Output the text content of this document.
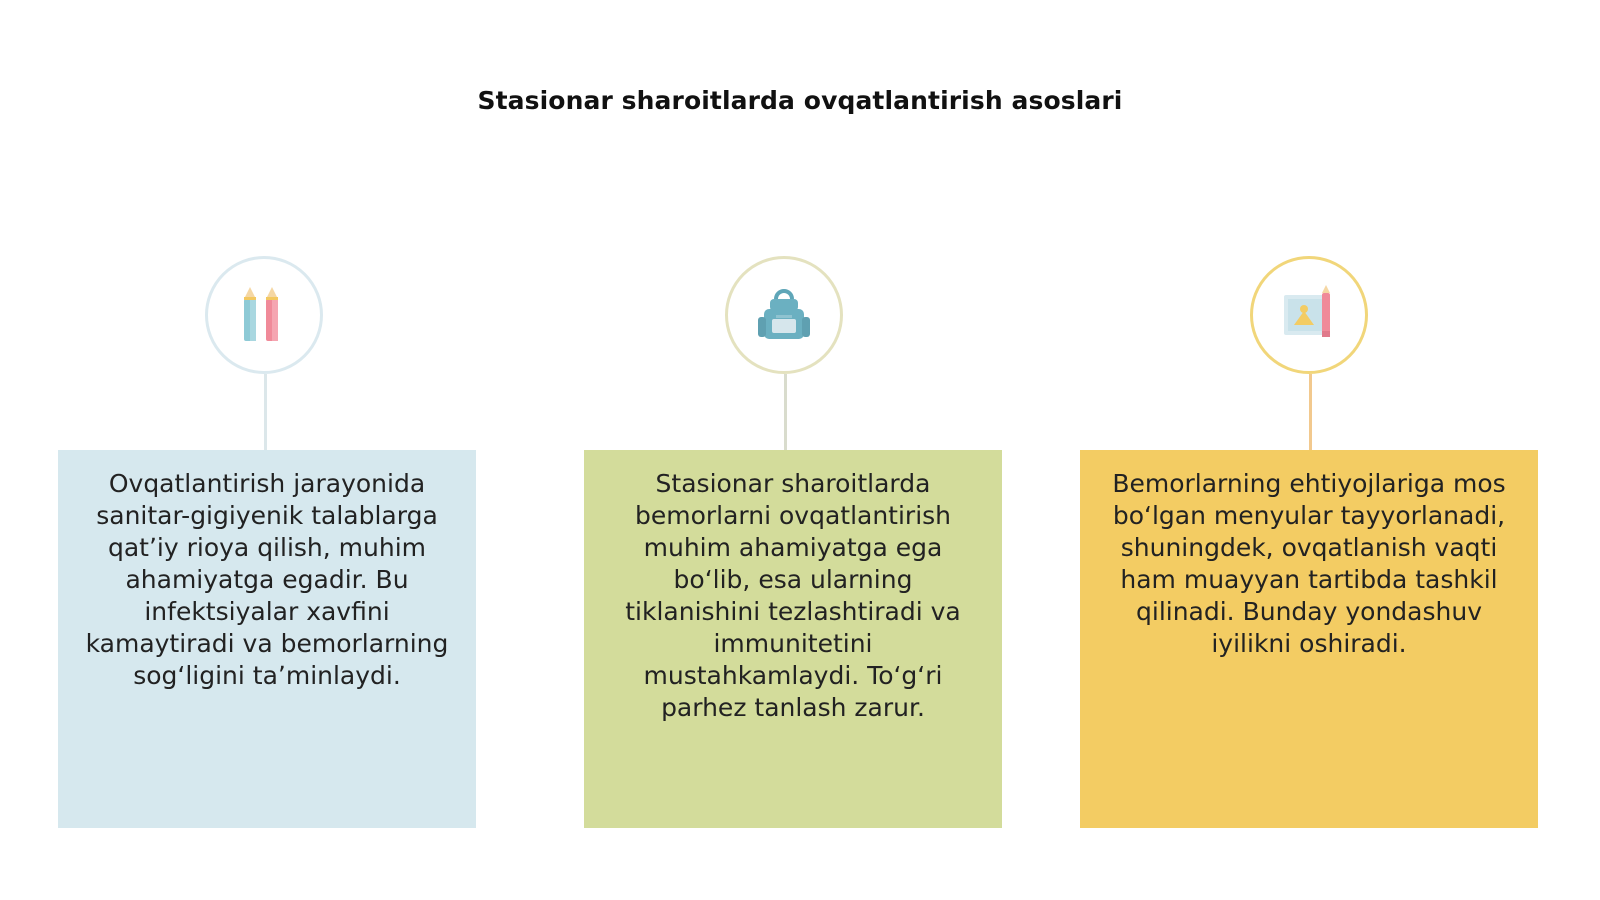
Stasionar sharoitlarda ovqatlantirish asoslari
Ovqatlantirish jarayonida sanitar-gigiyenik talablarga qatʼiy rioya qilish, muhim ahamiyatga egadir. Bu infektsiyalar xavfini kamaytiradi va bemorlarning sogʻligini taʼminlaydi.
Stasionar sharoitlarda bemorlarni ovqatlantirish muhim ahamiyatga ega boʻlib, esa ularning tiklanishini tezlashtiradi va immunitetini mustahkamlaydi. Toʻgʻri parhez tanlash zarur.
Bemorlarning ehtiyojlariga mos boʻlgan menyular tayyorlanadi, shuningdek, ovqatlanish vaqti ham muayyan tartibda tashkil qilinadi. Bunday yondashuv iyilikni oshiradi.
